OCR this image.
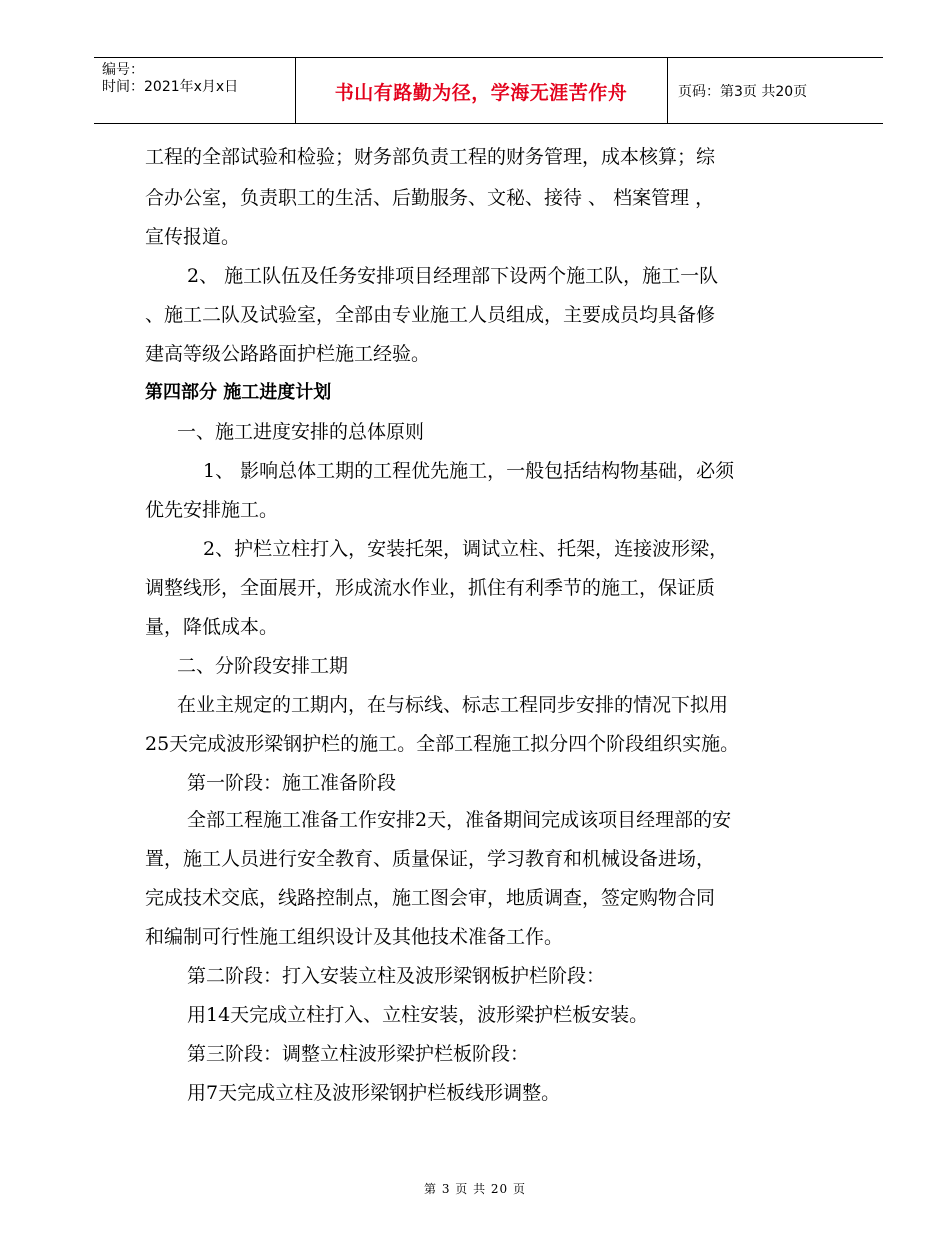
编号：
时间：2021年x月x日	书山有路勤为径，学海无涯苦作舟	页码：第3页 共20页
工程的全部试验和检验；财务部负责工程的财务管理，成本核算；综
合办公室，负责职工的生活、后勤服务、文秘、接待 、 档案管理 ，
宣传报道。
2、 施工队伍及任务安排项目经理部下设两个施工队，施工一队
、施工二队及试验室，全部由专业施工人员组成，主要成员均具备修
建高等级公路路面护栏施工经验。
第四部分 施工进度计划
一、施工进度安排的总体原则
1、 影响总体工期的工程优先施工，一般包括结构物基础，必须
优先安排施工。
2、护栏立柱打入，安装托架，调试立柱、托架，连接波形梁，
调整线形，全面展开，形成流水作业，抓住有利季节的施工，保证质
量，降低成本。
二、分阶段安排工期
在业主规定的工期内，在与标线、标志工程同步安排的情况下拟用
25天完成波形梁钢护栏的施工。全部工程施工拟分四个阶段组织实施。
第一阶段：施工准备阶段
全部工程施工准备工作安排2天，准备期间完成该项目经理部的安
置，施工人员进行安全教育、质量保证，学习教育和机械设备进场，
完成技术交底，线路控制点，施工图会审，地质调查，签定购物合同
和编制可行性施工组织设计及其他技术准备工作。
第二阶段：打入安装立柱及波形梁钢板护栏阶段：
用14天完成立柱打入、立柱安装，波形梁护栏板安装。
第三阶段：调整立柱波形梁护栏板阶段：
用7天完成立柱及波形梁钢护栏板线形调整。
第 3 页 共 20 页
